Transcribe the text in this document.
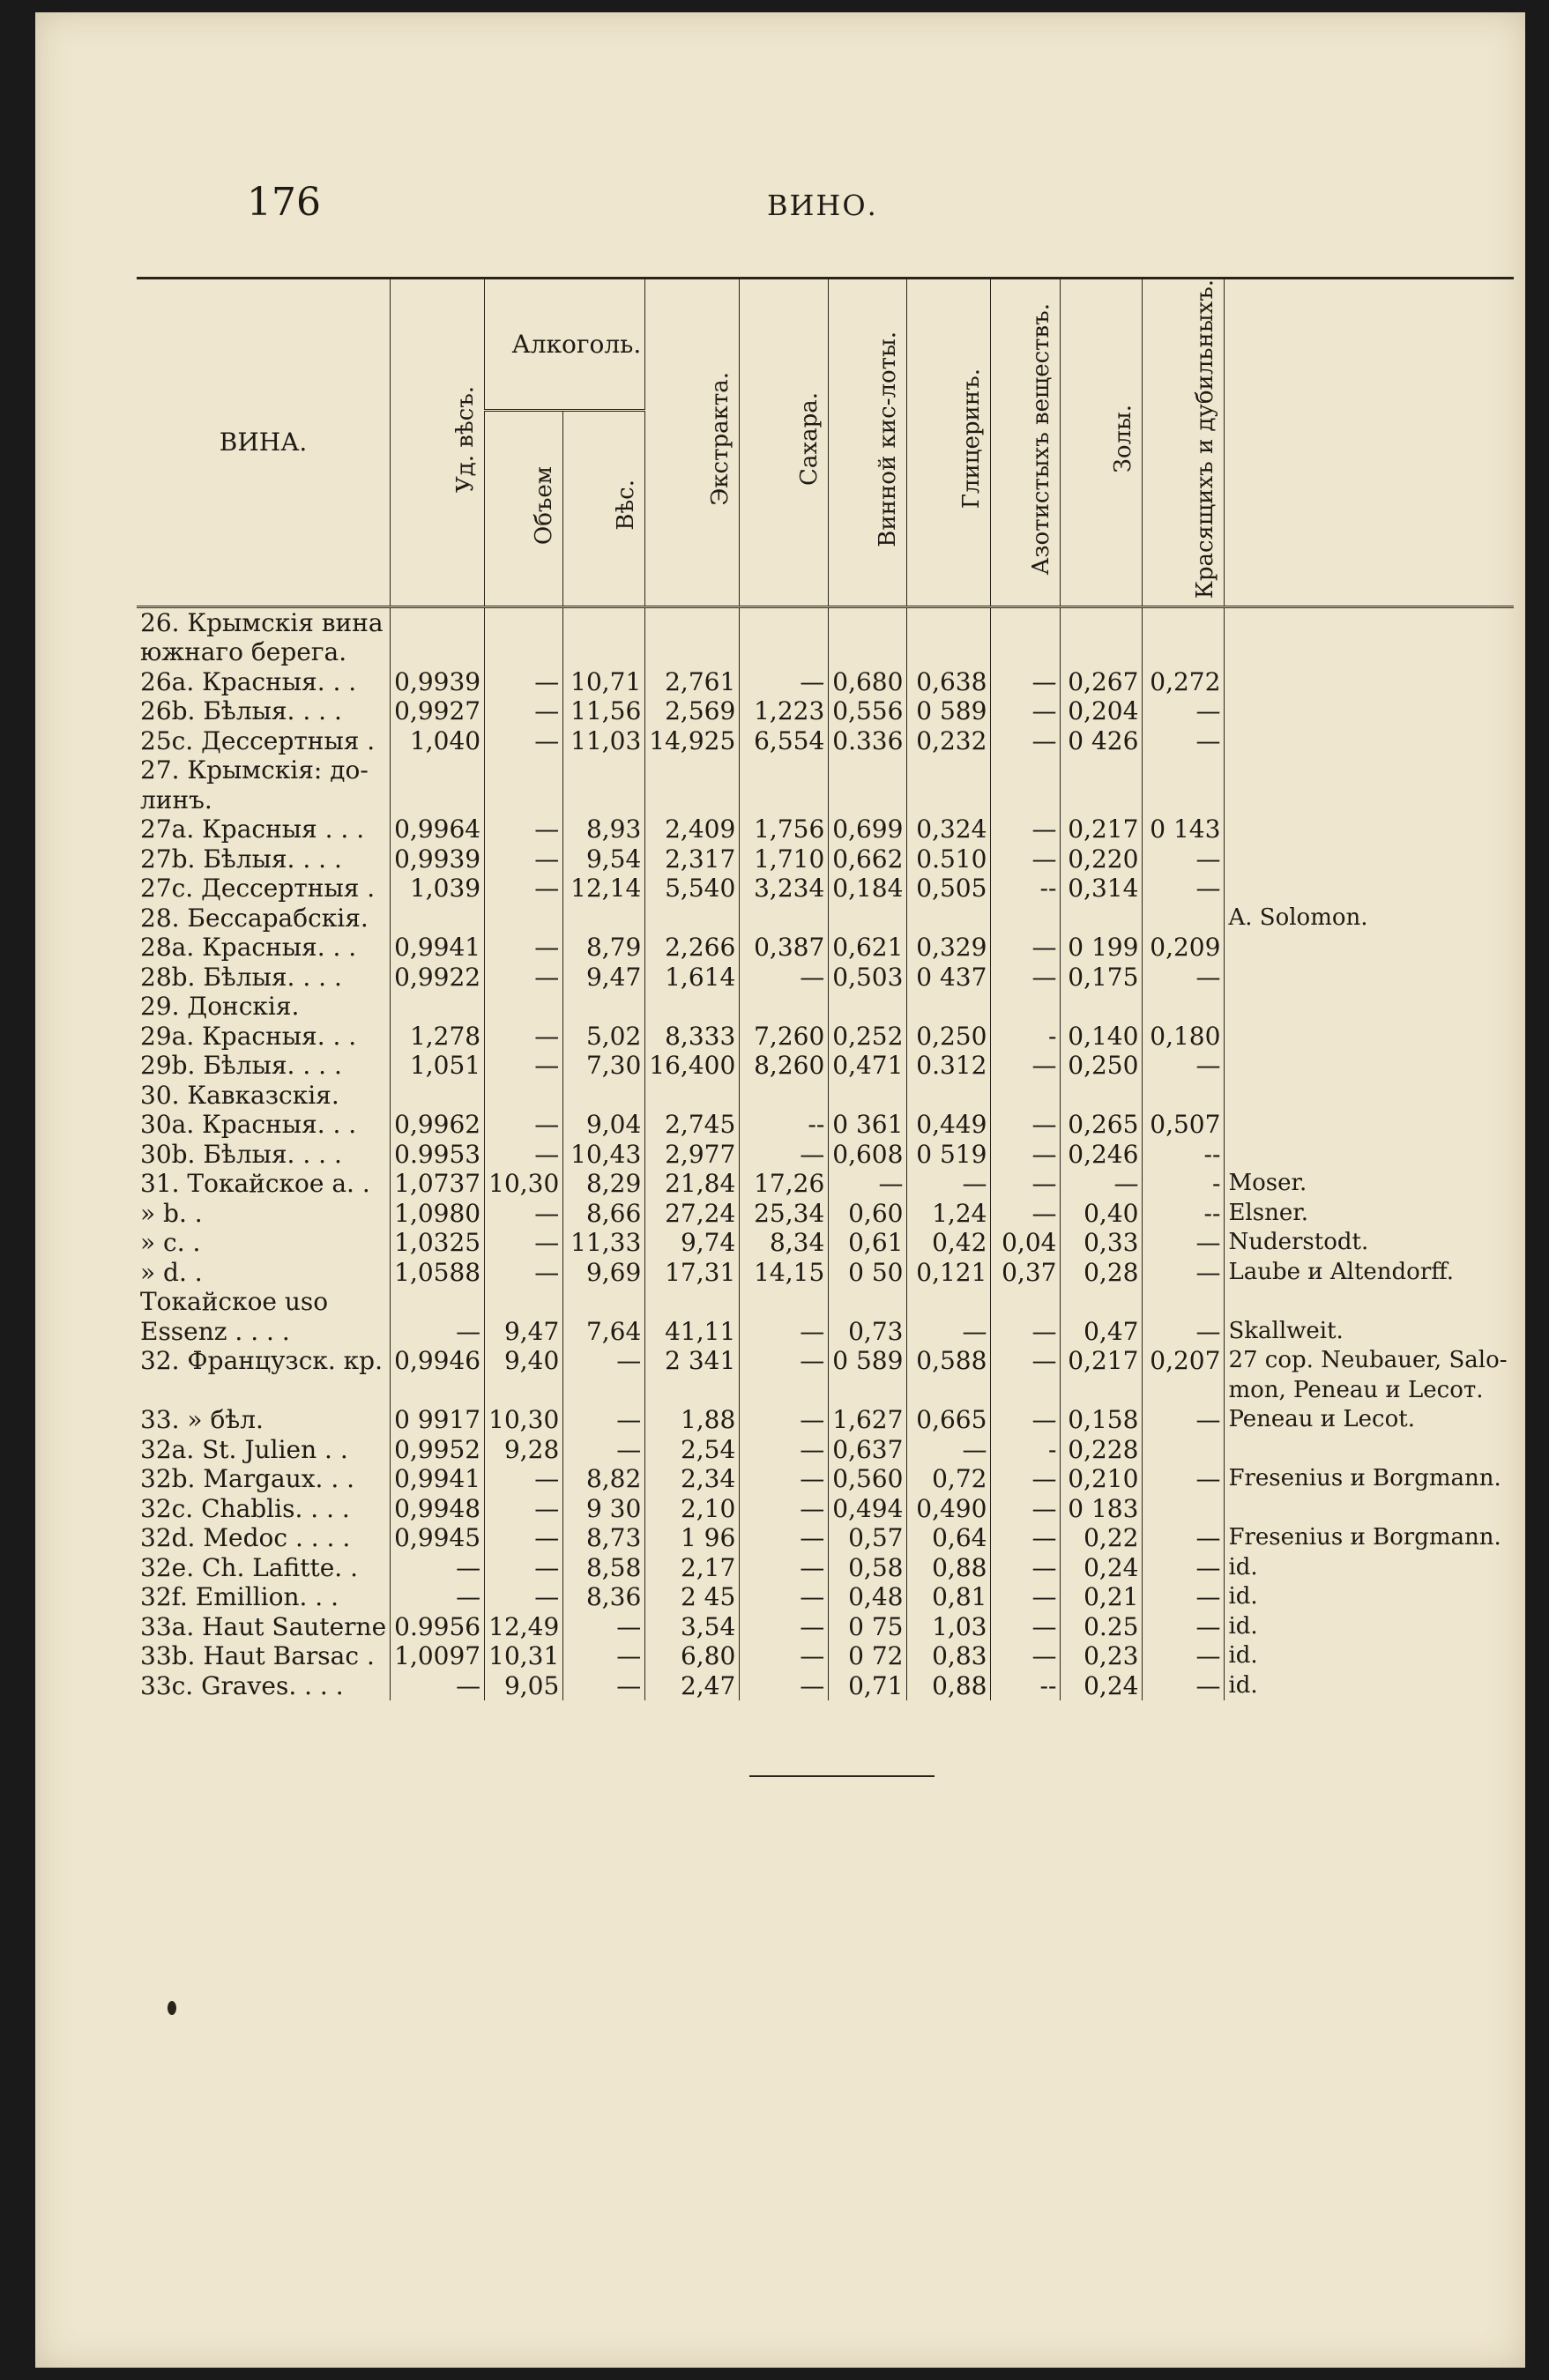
176	ВИНО.
ВИНА.	Уд. вѣсъ.	Алкоголь.		Экстракта.	Сахара.	Винной кис-лоты.	Глицеринъ.	Азотистыхъ веществъ.	Золы.	Красящихъ и дубильныхъ.	
		Объем	Вѣс.								
26. Крымскія вина											
южнаго берега.											
26a. Красныя. . .	0,9939	—	10,71	2,761	—	0,680	0,638	—	0,267	0,272	
26b. Бѣлыя. . . .	0,9927	—	11,56	2,569	1,223	0,556	0 589	—	0,204	—	
25c. Дессертныя .	1,040	—	11,03	14,925	6,554	0.336	0,232	—	0 426	—	
27. Крымскія: до-											
линъ.											
27a. Красныя . . .	0,9964	—	8,93	2,409	1,756	0,699	0,324	—	0,217	0 143	
27b. Бѣлыя. . . .	0,9939	—	9,54	2,317	1,710	0,662	0.510	—	0,220	—	
27c. Дессертныя .	1,039	—	12,14	5,540	3,234	0,184	0,505	--	0,314	—	
28. Бессарабскія.											A. Solomon.
28a. Красныя. . .	0,9941	—	8,79	2,266	0,387	0,621	0,329	—	0 199	0,209	
28b. Бѣлыя. . . .	0,9922	—	9,47	1,614	—	0,503	0 437	—	0,175	—	
29. Донскія.											
29a. Красныя. . .	1,278	—	5,02	8,333	7,260	0,252	0,250	-	0,140	0,180	
29b. Бѣлыя. . . .	1,051	—	7,30	16,400	8,260	0,471	0.312	—	0,250	—	
30. Кавказскія.											
30a. Красныя. . .	0,9962	—	9,04	2,745	--	0 361	0,449	—	0,265	0,507	
30b. Бѣлыя. . . .	0.9953	—	10,43	2,977	—	0,608	0 519	—	0,246	--	
31. Токайское a. .	1,0737	10,30	8,29	21,84	17,26	—	—	—	—	-	Moser.
» b. .	1,0980	—	8,66	27,24	25,34	0,60	1,24	—	0,40	--	Elsner.
» c. .	1,0325	—	11,33	9,74	8,34	0,61	0,42	0,04	0,33	—	Nuderstodt.
» d. .	1,0588	—	9,69	17,31	14,15	0 50	0,121	0,37	0,28	—	Laube и Altendorff.
Токайское uso											
Essenz . . . .	—	9,47	7,64	41,11	—	0,73	—	—	0,47	—	Skallweit.
32. Французск. кр.	0,9946	9,40	—	2 341	—	0 589	0,588	—	0,217	0,207	27 cop. Neubauer, Salo-
											mon, Peneau и Lecoт.
33. » бѣл.	0 9917	10,30	—	1,88	—	1,627	0,665	—	0,158	—	Peneau и Lecot.
32a. St. Julien . .	0,9952	9,28	—	2,54	—	0,637	—	-	0,228		
32b. Margaux. . .	0,9941	—	8,82	2,34	—	0,560	0,72	—	0,210	—	Fresenius и Borgmann.
32c. Chablis. . . .	0,9948	—	9 30	2,10	—	0,494	0,490	—	0 183		
32d. Medoc . . . .	0,9945	—	8,73	1 96	—	0,57	0,64	—	0,22	—	Fresenius и Borgmann.
32e. Ch. Lafitte. .	—	—	8,58	2,17	—	0,58	0,88	—	0,24	—	id.
32f. Emillion. . .	—	—	8,36	2 45	—	0,48	0,81	—	0,21	—	id.
33a. Haut Sauterne	0.9956	12,49	—	3,54	—	0 75	1,03	—	0.25	—	id.
33b. Haut Barsac .	1,0097	10,31	—	6,80	—	0 72	0,83	—	0,23	—	id.
33c. Graves. . . .	—	9,05	—	2,47	—	0,71	0,88	--	0,24	—	id.
